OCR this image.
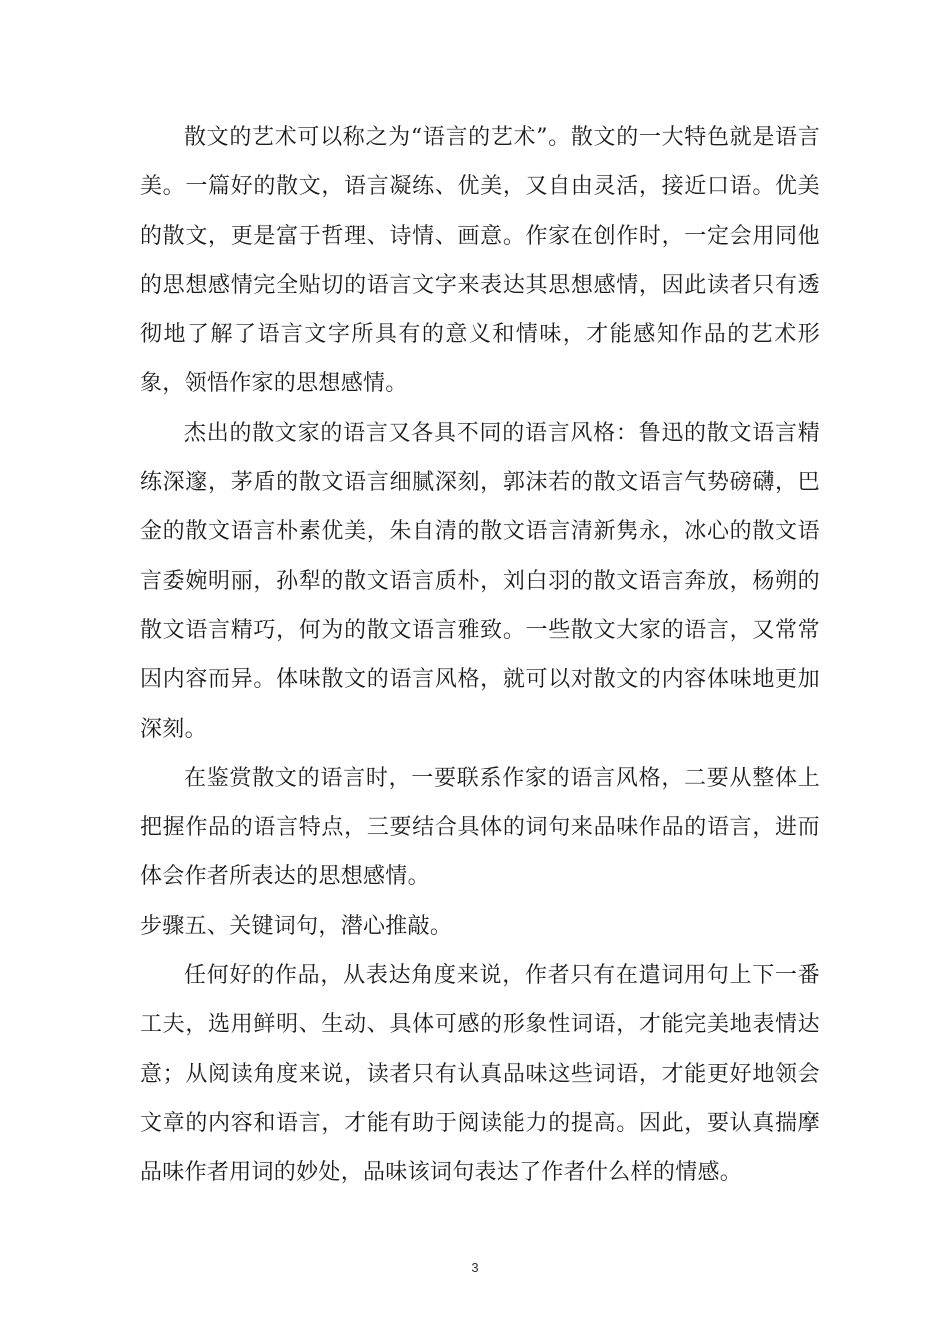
散文的艺术可以称之为“语言的艺术”。散文的一大特色就是语言美。一篇好的散文，语言凝练、优美，又自由灵活，接近口语。优美的散文，更是富于哲理、诗情、画意。作家在创作时，一定会用同他的思想感情完全贴切的语言文字来表达其思想感情，因此读者只有透彻地了解了语言文字所具有的意义和情味，才能感知作品的艺术形象，领悟作家的思想感情。

杰出的散文家的语言又各具不同的语言风格：鲁迅的散文语言精练深邃，茅盾的散文语言细腻深刻，郭沫若的散文语言气势磅礴，巴金的散文语言朴素优美，朱自清的散文语言清新隽永，冰心的散文语言委婉明丽，孙犁的散文语言质朴，刘白羽的散文语言奔放，杨朔的散文语言精巧，何为的散文语言雅致。一些散文大家的语言，又常常因内容而异。体味散文的语言风格，就可以对散文的内容体味地更加深刻。

在鉴赏散文的语言时，一要联系作家的语言风格，二要从整体上把握作品的语言特点，三要结合具体的词句来品味作品的语言，进而体会作者所表达的思想感情。

步骤五、关键词句，潜心推敲。

任何好的作品，从表达角度来说，作者只有在遣词用句上下一番工夫，选用鲜明、生动、具体可感的形象性词语，才能完美地表情达意；从阅读角度来说，读者只有认真品味这些词语，才能更好地领会文章的内容和语言，才能有助于阅读能力的提高。因此，要认真揣摩品味作者用词的妙处，品味该词句表达了作者什么样的情感。

3
